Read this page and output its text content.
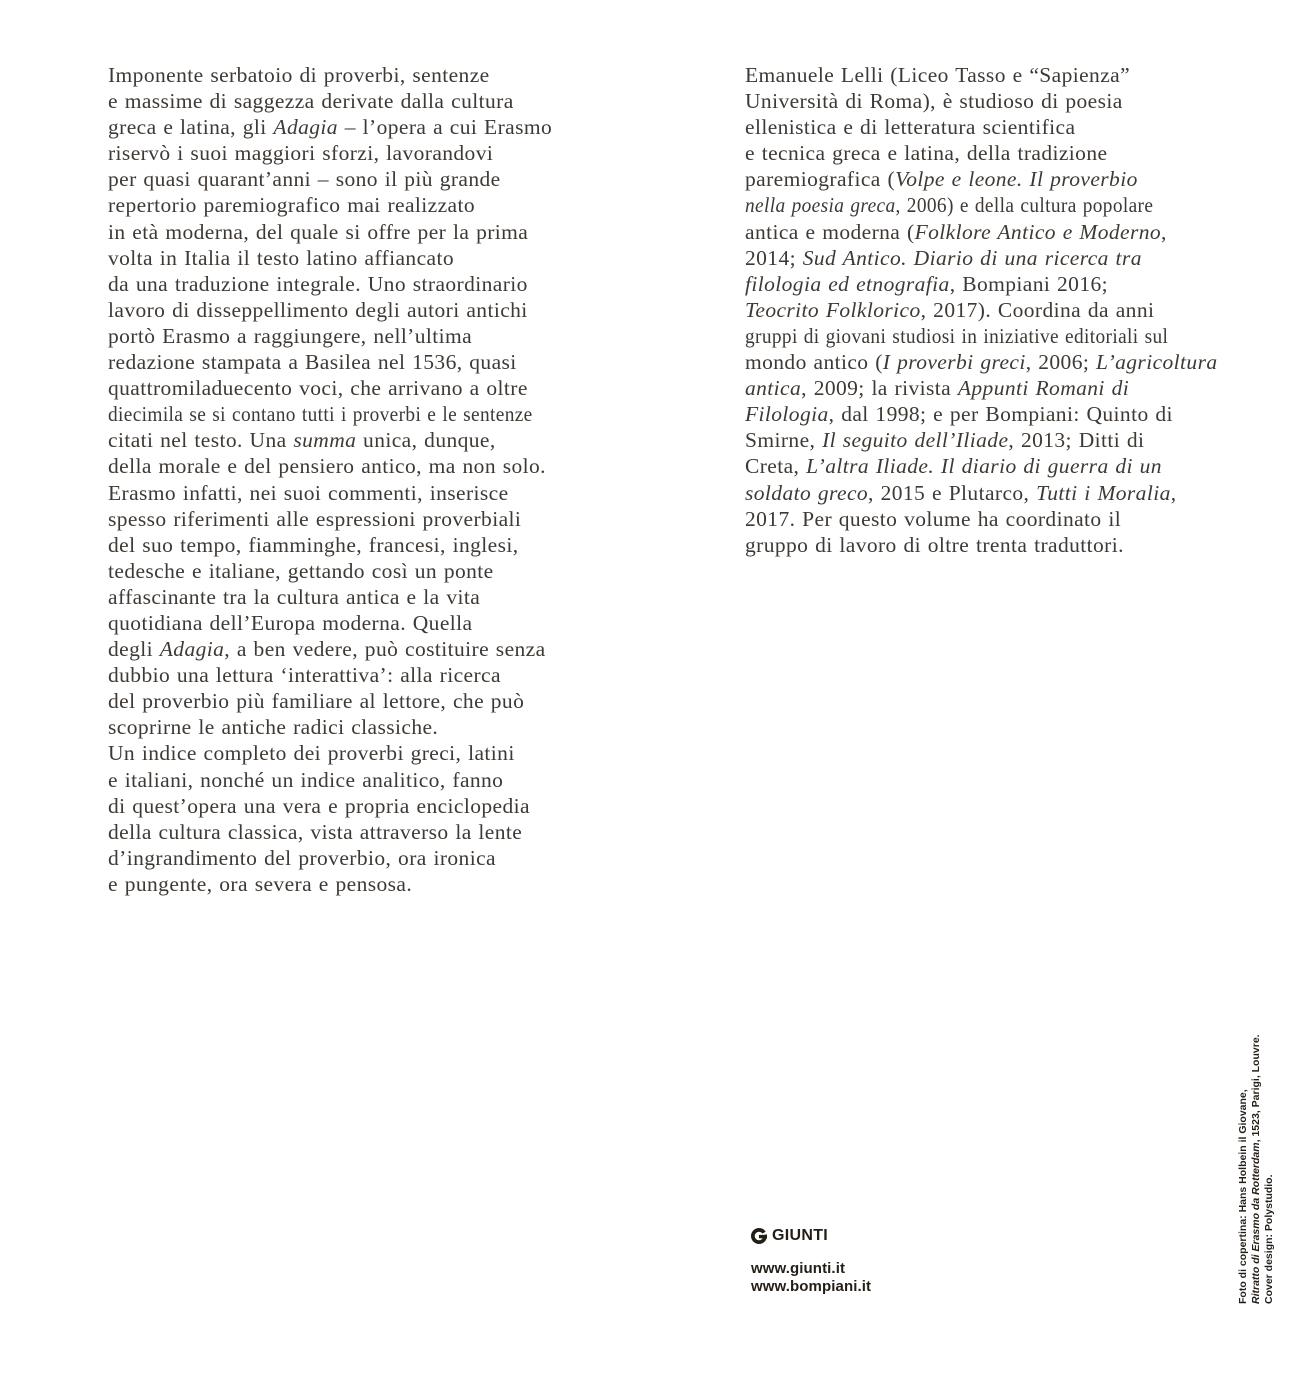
Imponente serbatoio di proverbi, sentenze
e massime di saggezza derivate dalla cultura
greca e latina, gli Adagia – l’opera a cui Erasmo
riservò i suoi maggiori sforzi, lavorandovi
per quasi quarant’anni – sono il più grande
repertorio paremiografico mai realizzato
in età moderna, del quale si offre per la prima
volta in Italia il testo latino affiancato
da una traduzione integrale. Uno straordinario
lavoro di disseppellimento degli autori antichi
portò Erasmo a raggiungere, nell’ultima
redazione stampata a Basilea nel 1536, quasi
quattromiladuecento voci, che arrivano a oltre
diecimila se si contano tutti i proverbi e le sentenze
citati nel testo. Una summa unica, dunque,
della morale e del pensiero antico, ma non solo.
Erasmo infatti, nei suoi commenti, inserisce
spesso riferimenti alle espressioni proverbiali
del suo tempo, fiamminghe, francesi, inglesi,
tedesche e italiane, gettando così un ponte
affascinante tra la cultura antica e la vita
quotidiana dell’Europa moderna. Quella
degli Adagia, a ben vedere, può costituire senza
dubbio una lettura ‘interattiva’: alla ricerca
del proverbio più familiare al lettore, che può
scoprirne le antiche radici classiche.
Un indice completo dei proverbi greci, latini
e italiani, nonché un indice analitico, fanno
di quest’opera una vera e propria enciclopedia
della cultura classica, vista attraverso la lente
d’ingrandimento del proverbio, ora ironica
e pungente, ora severa e pensosa.
Emanuele Lelli (Liceo Tasso e “Sapienza”
Università di Roma), è studioso di poesia
ellenistica e di letteratura scientifica
e tecnica greca e latina, della tradizione
paremiografica (Volpe e leone. Il proverbio
nella poesia greca, 2006) e della cultura popolare
antica e moderna (Folklore Antico e Moderno,
2014; Sud Antico. Diario di una ricerca tra
filologia ed etnografia, Bompiani 2016;
Teocrito Folklorico, 2017). Coordina da anni
gruppi di giovani studiosi in iniziative editoriali sul
mondo antico (I proverbi greci, 2006; L’agricoltura
antica, 2009; la rivista Appunti Romani di
Filologia, dal 1998; e per Bompiani: Quinto di
Smirne, Il seguito dell’Iliade, 2013; Ditti di
Creta, L’altra Iliade. Il diario di guerra di un
soldato greco, 2015 e Plutarco, Tutti i Moralia,
2017. Per questo volume ha coordinato il
gruppo di lavoro di oltre trenta traduttori.
GIUNTI
www.giunti.it
www.bompiani.it	Foto di copertina: Hans Holbein il Giovane, Ritratto di Erasmo da Rotterdam, 1523, Parigi, Louvre.
Cover design: Polystudio.
